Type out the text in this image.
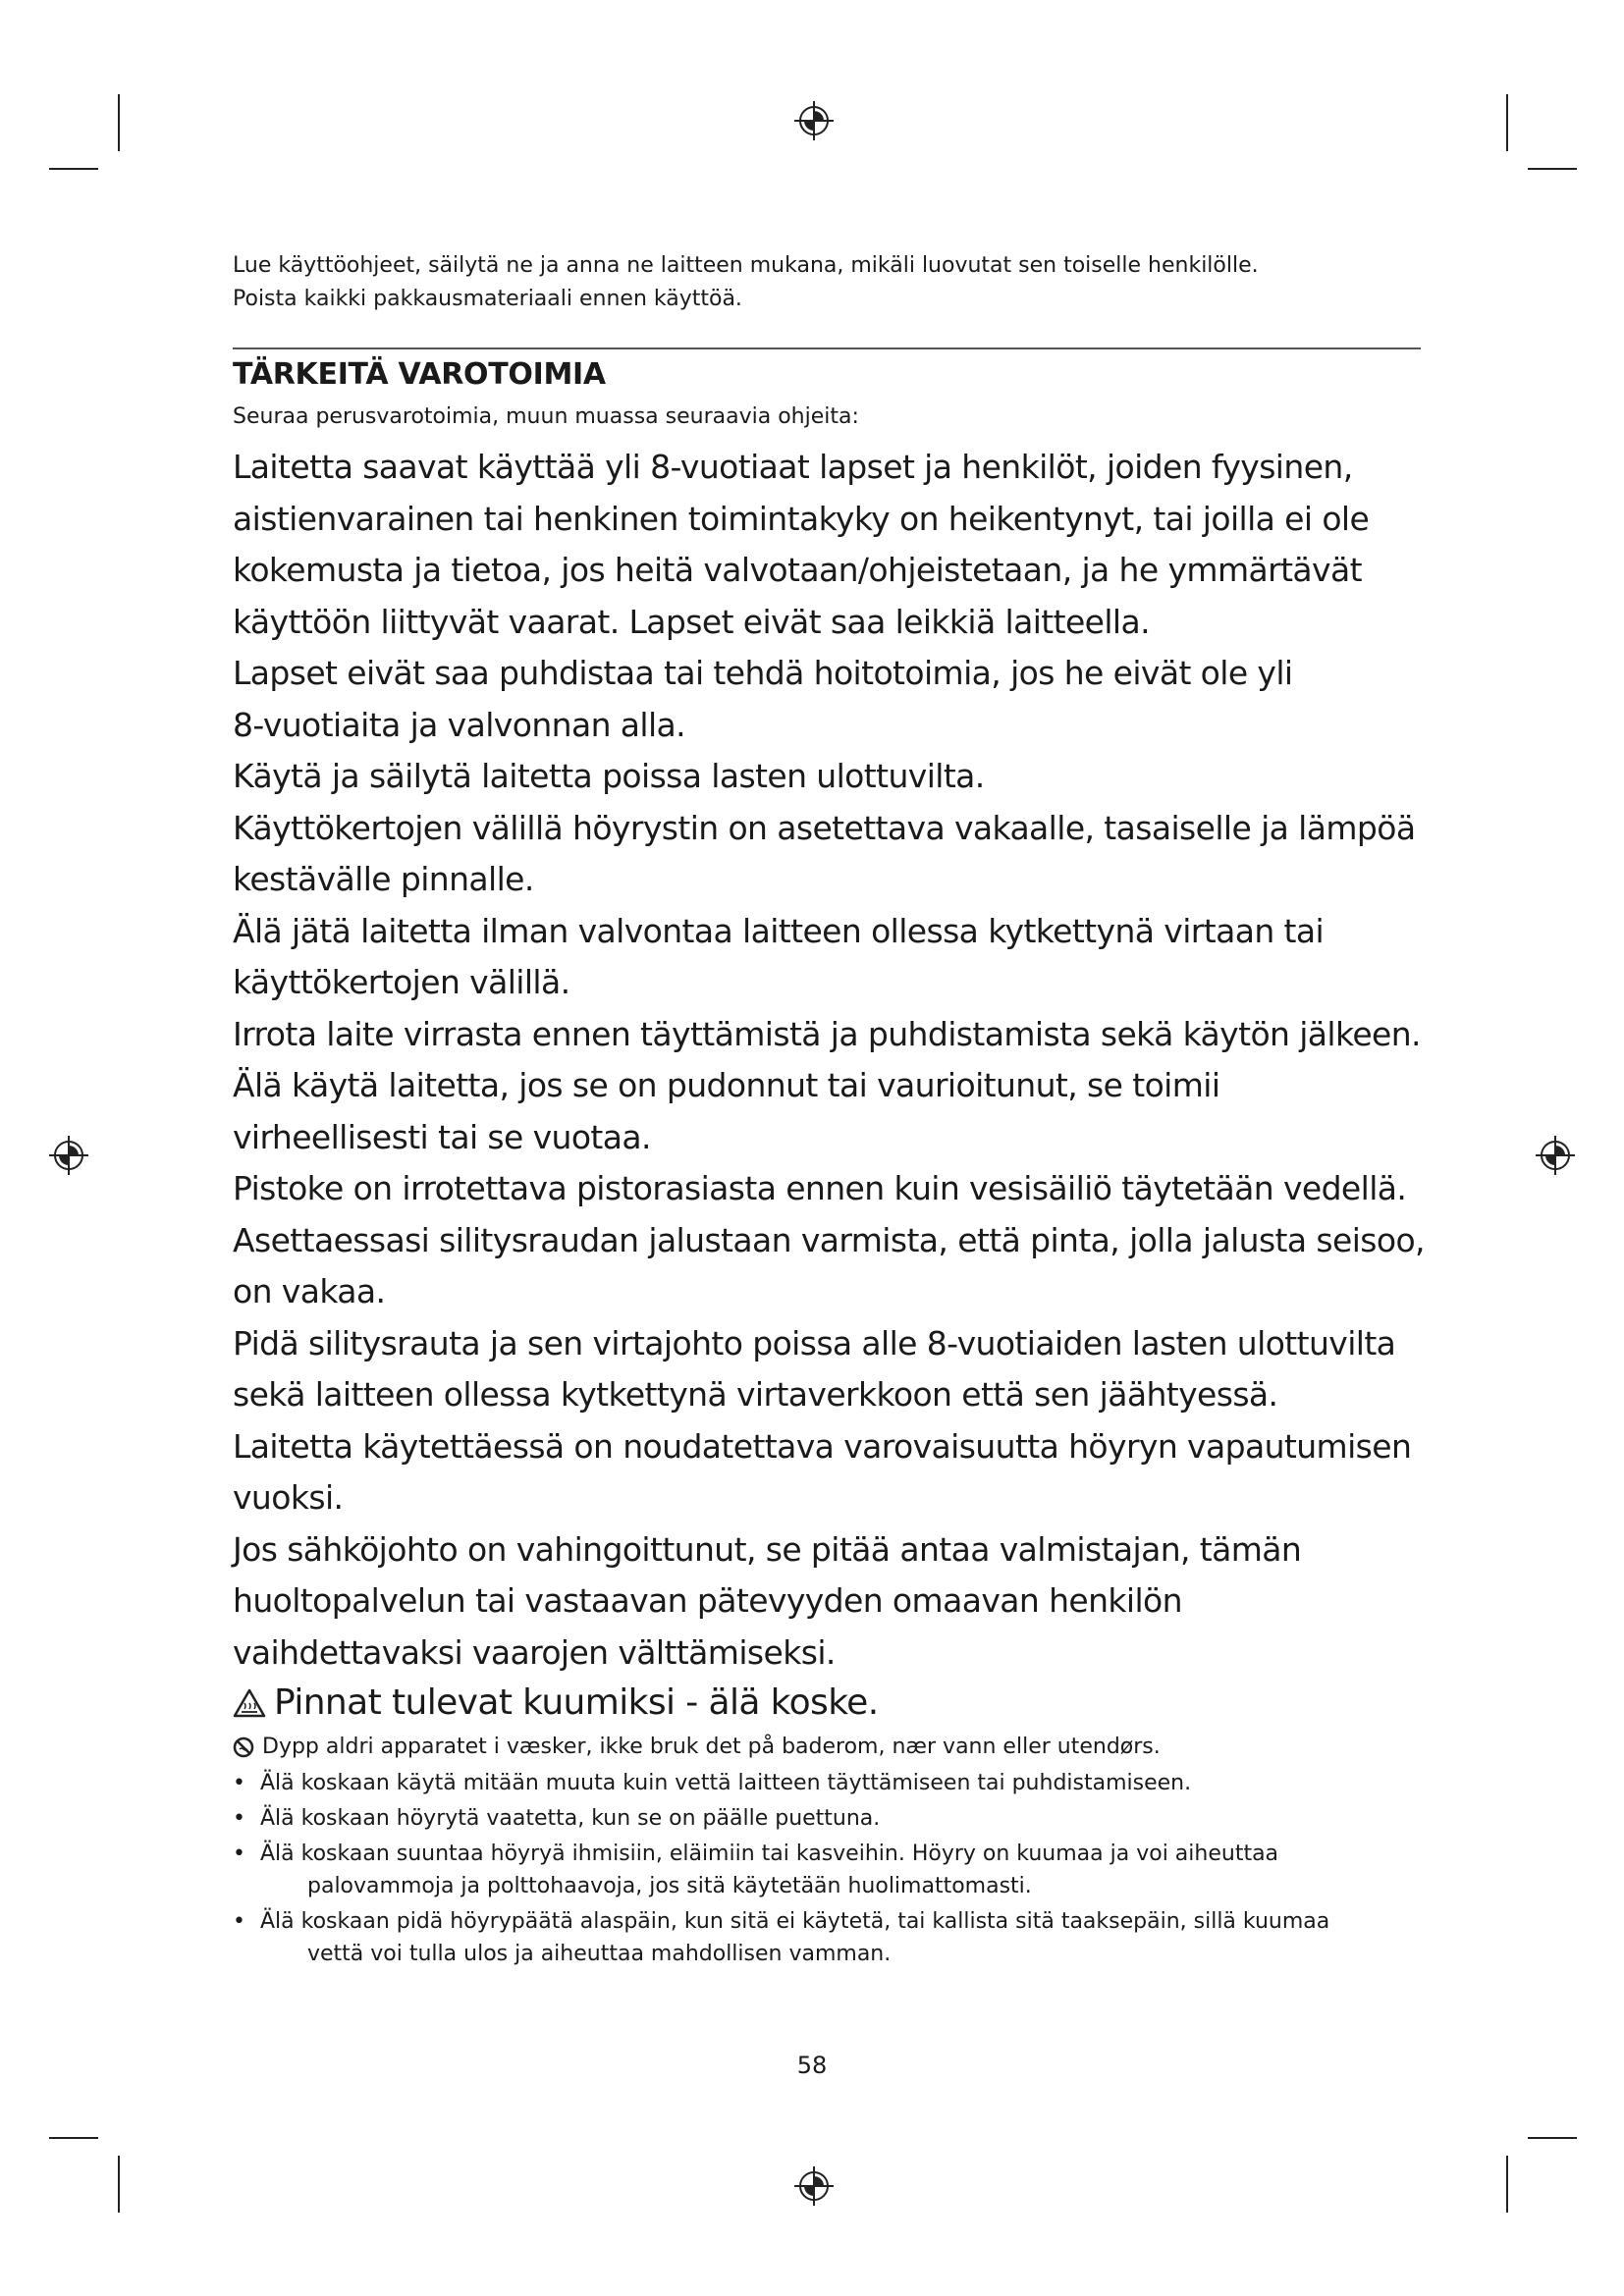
Lue käyttöohjeet, säilytä ne ja anna ne laitteen mukana, mikäli luovutat sen toiselle henkilölle.

Poista kaikki pakkausmateriaali ennen käyttöä.

TÄRKEITÄ VAROTOIMIA
Seuraa perusvarotoimia, muun muassa seuraavia ohjeita:

Laitetta saavat käyttää yli 8-vuotiaat lapset ja henkilöt, joiden fyysinen,

aistienvarainen tai henkinen toimintakyky on heikentynyt, tai joilla ei ole

kokemusta ja tietoa, jos heitä valvotaan/ohjeistetaan, ja he ymmärtävät

käyttöön liittyvät vaarat. Lapset eivät saa leikkiä laitteella.

Lapset eivät saa puhdistaa tai tehdä hoitotoimia, jos he eivät ole yli

8-vuotiaita ja valvonnan alla.

Käytä ja säilytä laitetta poissa lasten ulottuvilta.

Käyttökertojen välillä höyrystin on asetettava vakaalle, tasaiselle ja lämpöä

kestävälle pinnalle.

Älä jätä laitetta ilman valvontaa laitteen ollessa kytkettynä virtaan tai

käyttökertojen välillä.

Irrota laite virrasta ennen täyttämistä ja puhdistamista sekä käytön jälkeen.

Älä käytä laitetta, jos se on pudonnut tai vaurioitunut, se toimii

virheellisesti tai se vuotaa.

Pistoke on irrotettava pistorasiasta ennen kuin vesisäiliö täytetään vedellä.

Asettaessasi silitysraudan jalustaan varmista, että pinta, jolla jalusta seisoo,

on vakaa.

Pidä silitysrauta ja sen virtajohto poissa alle 8-vuotiaiden lasten ulottuvilta

sekä laitteen ollessa kytkettynä virtaverkkoon että sen jäähtyessä.

Laitetta käytettäessä on noudatettava varovaisuutta höyryn vapautumisen

vuoksi.

Jos sähköjohto on vahingoittunut, se pitää antaa valmistajan, tämän

huoltopalvelun tai vastaavan pätevyyden omaavan henkilön

vaihdettavaksi vaarojen välttämiseksi.

Pinnat tulevat kuumiksi - älä koske.
Dypp aldri apparatet i væsker, ikke bruk det på baderom, nær vann eller utendørs.
• Älä koskaan käytä mitään muuta kuin vettä laitteen täyttämiseen tai puhdistamiseen.
• Älä koskaan höyrytä vaatetta, kun se on päälle puettuna.
• Älä koskaan suuntaa höyryä ihmisiin, eläimiin tai kasveihin. Höyry on kuumaa ja voi aiheuttaa
palovammoja ja polttohaavoja, jos sitä käytetään huolimattomasti.
• Älä koskaan pidä höyrypäätä alaspäin, kun sitä ei käytetä, tai kallista sitä taaksepäin, sillä kuumaa
vettä voi tulla ulos ja aiheuttaa mahdollisen vamman.
58
